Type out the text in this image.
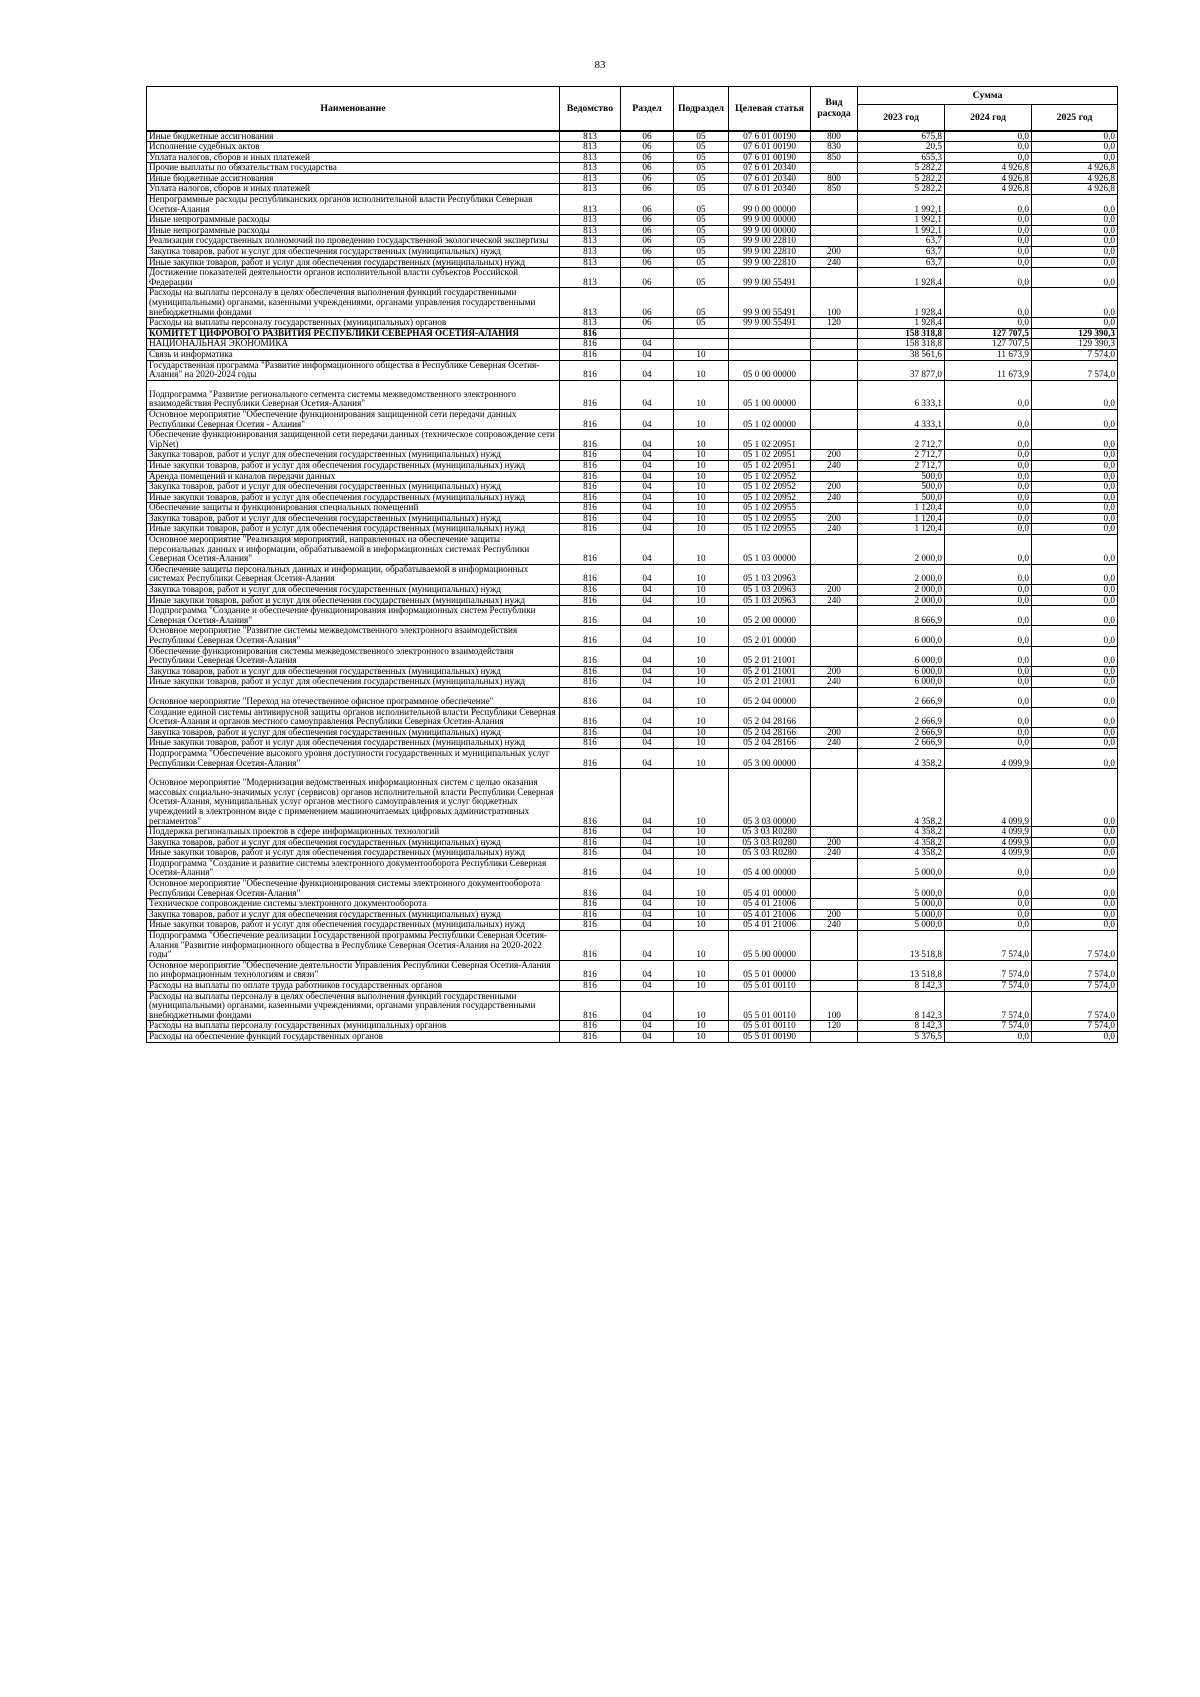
83
Наименование	Ведомство	Раздел	Подраздел	Целевая статья	Вид расхода	Сумма		
						2023 год	2024 год	2025 год
Иные бюджетные ассигнования	813	06	05	07 6 01 00190	800	675,8	0,0	0,0
Исполнение судебных актов	813	06	05	07 6 01 00190	830	20,5	0,0	0,0
Уплата налогов, сборов и иных платежей	813	06	05	07 6 01 00190	850	655,3	0,0	0,0
Прочие выплаты по обязательствам государства	813	06	05	07 6 01 20340		5 282,2	4 926,8	4 926,8
Иные бюджетные ассигнования	813	06	05	07 6 01 20340	800	5 282,2	4 926,8	4 926,8
Уплата налогов, сборов и иных платежей	813	06	05	07 6 01 20340	850	5 282,2	4 926,8	4 926,8
Непрограммные расходы республиканских органов исполнительной власти Республики Северная Осетия-Алания	813	06	05	99 0 00 00000		1 992,1	0,0	0,0
Иные непрограммные расходы	813	06	05	99 9 00 00000		1 992,1	0,0	0,0
Иные непрограммные расходы	813	06	05	99 9 00 00000		1 992,1	0,0	0,0
Реализация государственных полномочий по проведению государственной экологической экспертизы	813	06	05	99 9 00 22810		63,7	0,0	0,0
Закупка товаров, работ и услуг для обеспечения государственных (муниципальных) нужд	813	06	05	99 9 00 22810	200	63,7	0,0	0,0
Иные закупки товаров, работ и услуг для обеспечения государственных (муниципальных) нужд	813	06	05	99 9 00 22810	240	63,7	0,0	0,0
Достижение показателей деятельности органов исполнительной власти субъектов Российской Федерации	813	06	05	99 9 00 55491		1 928,4	0,0	0,0
Расходы на выплаты персоналу в целях обеспечения выполнения функций государственными (муниципальными) органами, казенными учреждениями, органами управления государственными внебюджетными фондами	813	06	05	99 9 00 55491	100	1 928,4	0,0	0,0
Расходы на выплаты персоналу государственных (муниципальных) органов	813	06	05	99 9 00 55491	120	1 928,4	0,0	0,0
КОМИТЕТ ЦИФРОВОГО РАЗВИТИЯ РЕСПУБЛИКИ СЕВЕРНАЯ ОСЕТИЯ-АЛАНИЯ	816					158 318,8	127 707,5	129 390,3
НАЦИОНАЛЬНАЯ ЭКОНОМИКА	816	04				158 318,8	127 707,5	129 390,3
Связь и информатика	816	04	10			38 561,6	11 673,9	7 574,0
Государственная программа "Развитие информационного общества в Республике Северная Осетия-Алания" на 2020-2024 годы	816	04	10	05 0 00 00000		37 877,0	11 673,9	7 574,0
Подпрограмма "Развитие регионального сегмента системы межведомственного электронного взаимодействия Республики Северная Осетия-Алания"	816	04	10	05 1 00 00000		6 333,1	0,0	0,0
Основное мероприятие "Обеспечение функционирования защищенной сети передачи данных Республики Северная Осетия - Алания"	816	04	10	05 1 02 00000		4 333,1	0,0	0,0
Обеспечение функционирования защищенной сети передачи данных (техническое сопровождение сети VipNet)	816	04	10	05 1 02 20951		2 712,7	0,0	0,0
Закупка товаров, работ и услуг для обеспечения государственных (муниципальных) нужд	816	04	10	05 1 02 20951	200	2 712,7	0,0	0,0
Иные закупки товаров, работ и услуг для обеспечения государственных (муниципальных) нужд	816	04	10	05 1 02 20951	240	2 712,7	0,0	0,0
Аренда помещений и каналов передачи данных	816	04	10	05 1 02 20952		500,0	0,0	0,0
Закупка товаров, работ и услуг для обеспечения государственных (муниципальных) нужд	816	04	10	05 1 02 20952	200	500,0	0,0	0,0
Иные закупки товаров, работ и услуг для обеспечения государственных (муниципальных) нужд	816	04	10	05 1 02 20952	240	500,0	0,0	0,0
Обеспечение защиты и функционирования специальных помещений	816	04	10	05 1 02 20955		1 120,4	0,0	0,0
Закупка товаров, работ и услуг для обеспечения государственных (муниципальных) нужд	816	04	10	05 1 02 20955	200	1 120,4	0,0	0,0
Иные закупки товаров, работ и услуг для обеспечения государственных (муниципальных) нужд	816	04	10	05 1 02 20955	240	1 120,4	0,0	0,0
Основное мероприятие "Реализация мероприятий, направленных на обеспечение защиты персональных данных и информации, обрабатываемой в информационных системах Республики Северная Осетия-Алания"	816	04	10	05 1 03 00000		2 000,0	0,0	0,0
Обеспечение защиты персональных данных и информации, обрабатываемой в информационных системах Республики Северная Осетия-Алания	816	04	10	05 1 03 20963		2 000,0	0,0	0,0
Закупка товаров, работ и услуг для обеспечения государственных (муниципальных) нужд	816	04	10	05 1 03 20963	200	2 000,0	0,0	0,0
Иные закупки товаров, работ и услуг для обеспечения государственных (муниципальных) нужд	816	04	10	05 1 03 20963	240	2 000,0	0,0	0,0
Подпрограмма "Создание и обеспечение функционирования информационных систем Республики Северная Осетия-Алания"	816	04	10	05 2 00 00000		8 666,9	0,0	0,0
Основное мероприятие "Развитие системы межведомственного электронного взаимодействия Республики Северная Осетия-Алания"	816	04	10	05 2 01 00000		6 000,0	0,0	0,0
Обеспечение функционирования системы межведомственного электронного взаимодействия Республики Северная Осетия-Алания	816	04	10	05 2 01 21001		6 000,0	0,0	0,0
Закупка товаров, работ и услуг для обеспечения государственных (муниципальных) нужд	816	04	10	05 2 01 21001	200	6 000,0	0,0	0,0
Иные закупки товаров, работ и услуг для обеспечения государственных (муниципальных) нужд	816	04	10	05 2 01 21001	240	6 000,0	0,0	0,0
Основное мероприятие "Переход на отечественное офисное программное обеспечение"	816	04	10	05 2 04 00000		2 666,9	0,0	0,0
Создание единой системы антивирусной защиты органов исполнительной власти Республики Северная Осетия-Алания и органов местного самоуправления Республики Северная Осетия-Алания	816	04	10	05 2 04 28166		2 666,9	0,0	0,0
Закупка товаров, работ и услуг для обеспечения государственных (муниципальных) нужд	816	04	10	05 2 04 28166	200	2 666,9	0,0	0,0
Иные закупки товаров, работ и услуг для обеспечения государственных (муниципальных) нужд	816	04	10	05 2 04 28166	240	2 666,9	0,0	0,0
Подпрограмма "Обеспечение высокого уровня доступности государственных и муниципальных услуг Республики Северная Осетия-Алания"	816	04	10	05 3 00 00000		4 358,2	4 099,9	0,0
Основное мероприятие "Модернизация ведомственных информационных систем с целью оказания массовых социально-значимых услуг (сервисов) органов исполнительной власти Республики Северная Осетия-Алания, муниципальных услуг органов местного самоуправления и услуг бюджетных учреждений в электронном виде с применением машиночитаемых цифровых административных регламентов"	816	04	10	05 3 03 00000		4 358,2	4 099,9	0,0
Поддержка региональных проектов в сфере информационных технологий	816	04	10	05 3 03 R0280		4 358,2	4 099,9	0,0
Закупка товаров, работ и услуг для обеспечения государственных (муниципальных) нужд	816	04	10	05 3 03 R0280	200	4 358,2	4 099,9	0,0
Иные закупки товаров, работ и услуг для обеспечения государственных (муниципальных) нужд	816	04	10	05 3 03 R0280	240	4 358,2	4 099,9	0,0
Подпрограмма "Создание и развитие системы электронного документооборота Республики Северная Осетия-Алания"	816	04	10	05 4 00 00000		5 000,0	0,0	0,0
Основное мероприятие "Обеспечение функционирования системы электронного документооборота Республики Северная Осетия-Алания"	816	04	10	05 4 01 00000		5 000,0	0,0	0,0
Техническое сопровождение системы электронного документооборота	816	04	10	05 4 01 21006		5 000,0	0,0	0,0
Закупка товаров, работ и услуг для обеспечения государственных (муниципальных) нужд	816	04	10	05 4 01 21006	200	5 000,0	0,0	0,0
Иные закупки товаров, работ и услуг для обеспечения государственных (муниципальных) нужд	816	04	10	05 4 01 21006	240	5 000,0	0,0	0,0
Подпрограмма "Обеспечение реализации Государственной программы Республики Северная Осетия-Алания "Развитие информационного общества в Республике Северная Осетия-Алания на 2020-2022 годы"	816	04	10	05 5 00 00000		13 518,8	7 574,0	7 574,0
Основное мероприятие "Обеспечение деятельности Управления Республики Северная Осетия-Алания по информационным технологиям и связи"	816	04	10	05 5 01 00000		13 518,8	7 574,0	7 574,0
Расходы на выплаты по оплате труда работников государственных органов	816	04	10	05 5 01 00110		8 142,3	7 574,0	7 574,0
Расходы на выплаты персоналу в целях обеспечения выполнения функций государственными (муниципальными) органами, казенными учреждениями, органами управления государственными внебюджетными фондами	816	04	10	05 5 01 00110	100	8 142,3	7 574,0	7 574,0
Расходы на выплаты персоналу государственных (муниципальных) органов	816	04	10	05 5 01 00110	120	8 142,3	7 574,0	7 574,0
Расходы на обеспечение функций государственных органов	816	04	10	05 5 01 00190		5 376,5	0,0	0,0
